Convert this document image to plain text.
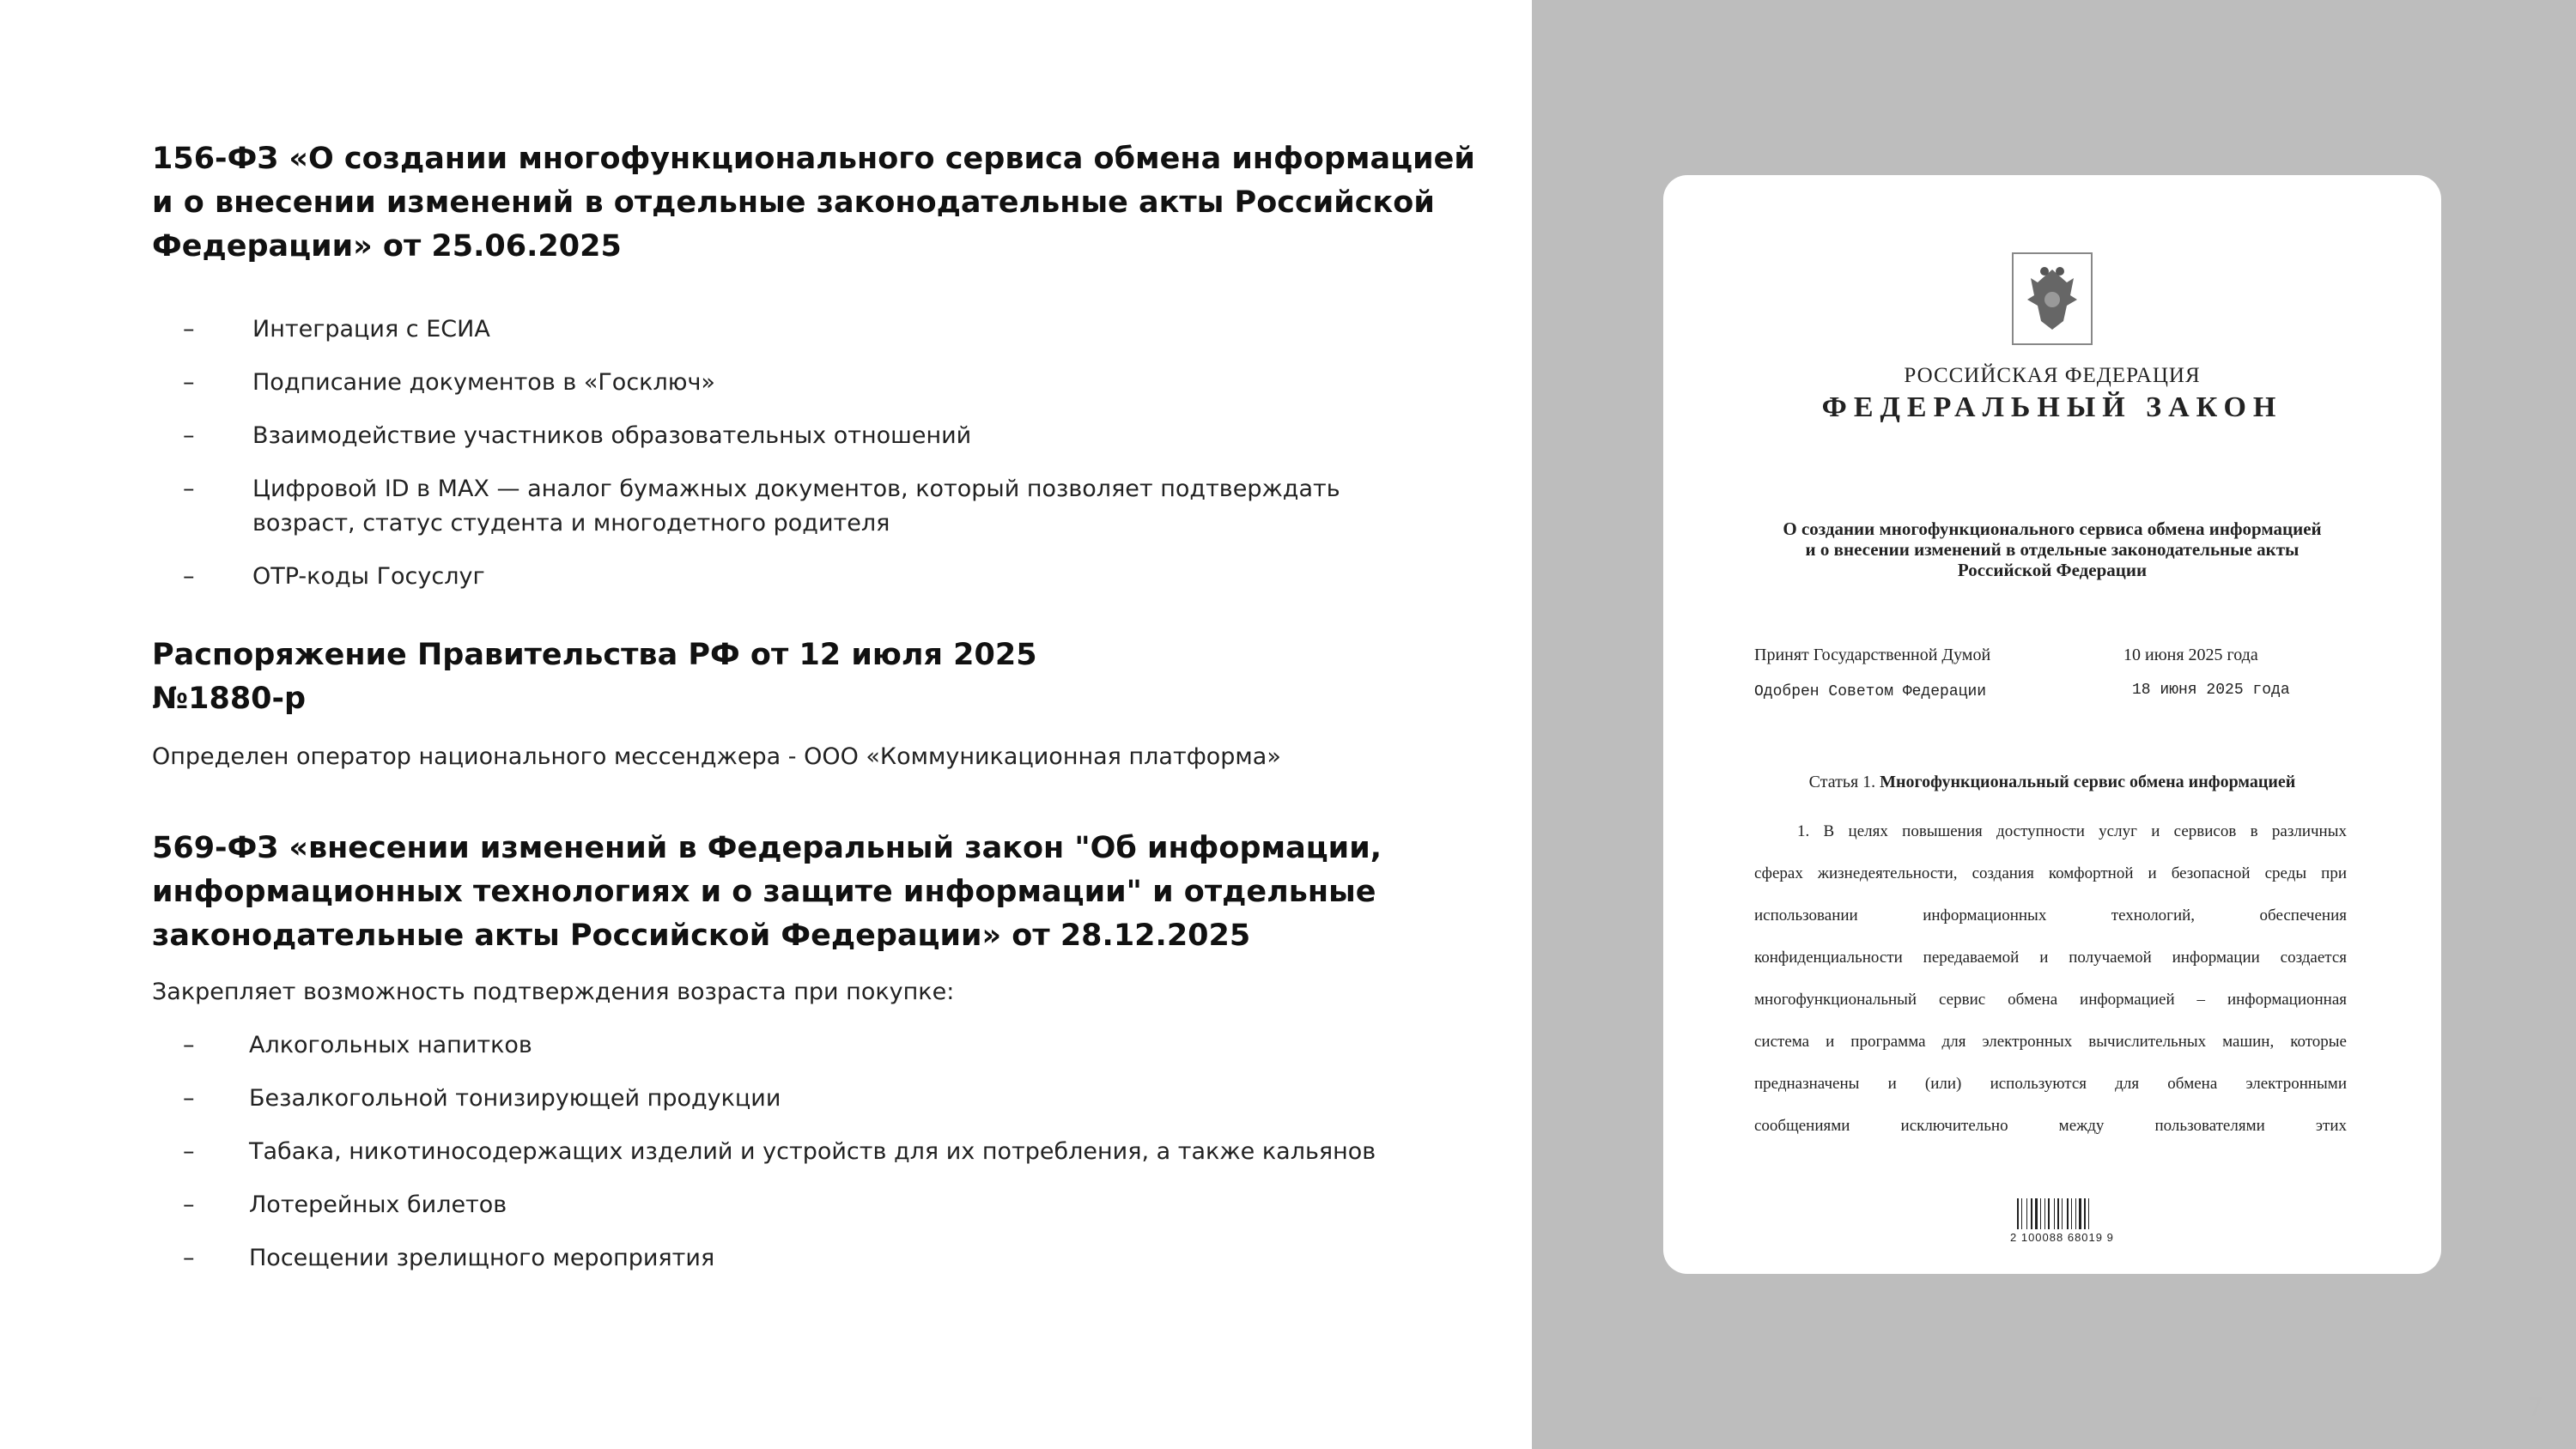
156-ФЗ «О создании многофункционального сервиса обмена информацией и о внесении изменений в отдельные законодательные акты Российской Федерации» от 25.06.2025
–	Интеграция с ЕСИА
–	Подписание документов в «Госключ»
–	Взаимодействие участников образовательных отношений
–	Цифровой ID в MAX — аналог бумажных документов, который позволяет подтверждать возраст, статус студента и многодетного родителя
–	OTP-коды Госуслуг
Распоряжение Правительства РФ от 12 июля 2025
№1880-р

Определен оператор национального мессенджера - ООО «Коммуникационная платформа»

569-ФЗ «внесении изменений в Федеральный закон "Об информации, информационных технологиях и о защите информации" и отдельные законодательные акты Российской Федерации» от 28.12.2025

Закрепляет возможность подтверждения возраста при покупке:

– Алкогольных напитков
– Безалкогольной тонизирующей продукции
– Табака, никотиносодержащих изделий и устройств для их потребления, а также кальянов
– Лотерейных билетов
– Посещении зрелищного мероприятия
РОССИЙСКАЯ ФЕДЕРАЦИЯ
ФЕДЕРАЛЬНЫЙ ЗАКОН
О создании многофункционального сервиса обмена информацией
и о внесении изменений в отдельные законодательные акты
Российской Федерации
Принят Государственной Думой	10 июня 2025 года
Одобрен Советом Федерации	18 июня 2025 года
Статья 1. Многофункциональный сервис обмена информацией
1. В целях повышения доступности услуг и сервисов в различных
сферах жизнедеятельности, создания комфортной и безопасной среды при
использовании информационных технологий, обеспечения
конфиденциальности передаваемой и получаемой информации создается
многофункциональный сервис обмена информацией – информационная
система и программа для электронных вычислительных машин, которые
предназначены и (или) используются для обмена электронными
сообщениями исключительно между пользователями этих
2 100088 68019 9
7
